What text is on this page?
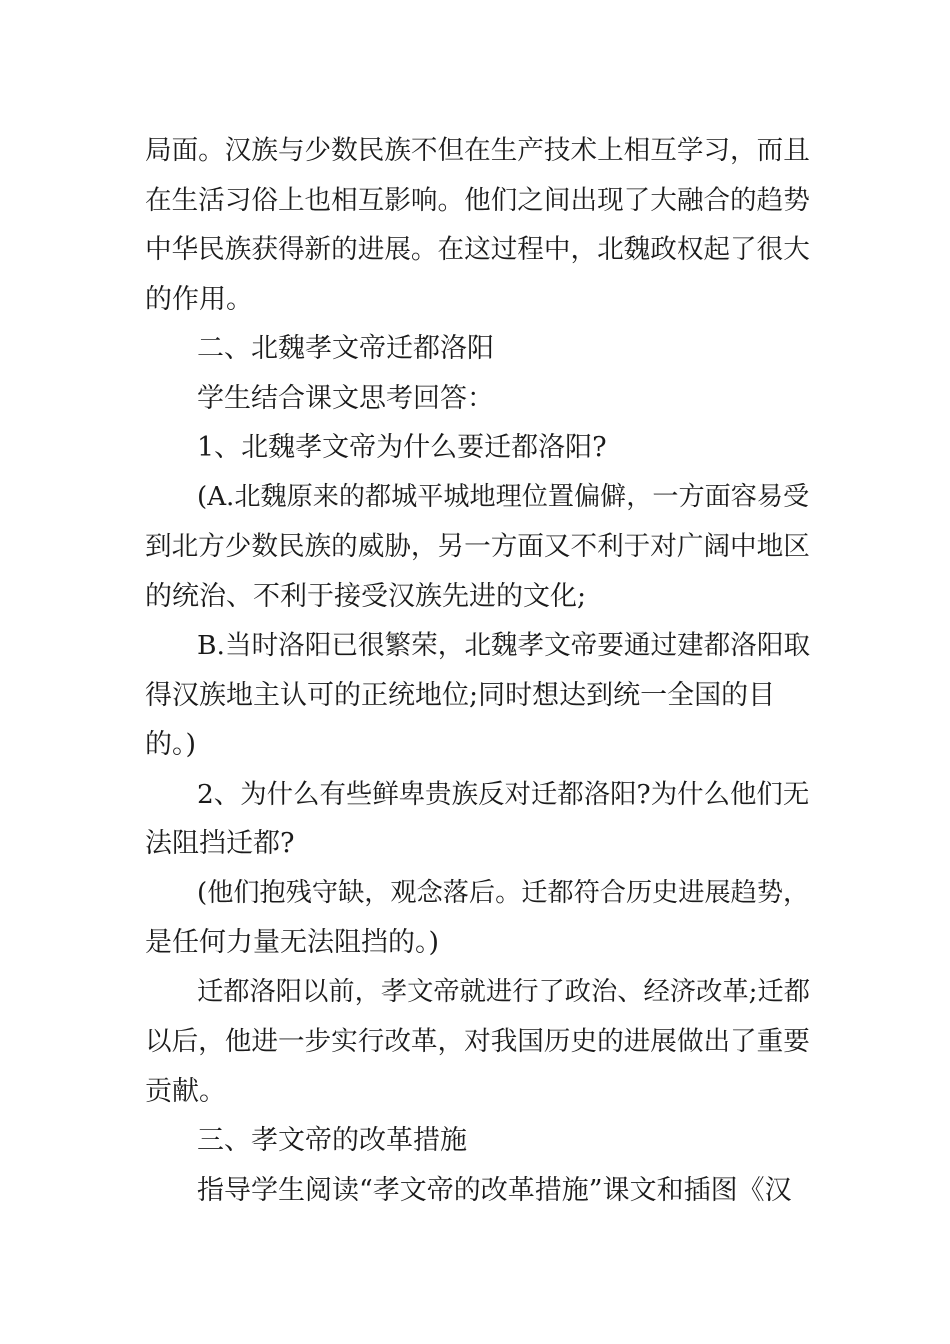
局面。汉族与少数民族不但在生产技术上相互学习，而且
在生活习俗上也相互影响。他们之间出现了大融合的趋势
中华民族获得新的进展。在这过程中，北魏政权起了很大
的作用。
二、北魏孝文帝迁都洛阳
学生结合课文思考回答：
1、北魏孝文帝为什么要迁都洛阳?
(A.北魏原来的都城平城地理位置偏僻，一方面容易受
到北方少数民族的威胁，另一方面又不利于对广阔中地区
的统治、不利于接受汉族先进的文化;
B.当时洛阳已很繁荣，北魏孝文帝要通过建都洛阳取
得汉族地主认可的正统地位;同时想达到统一全国的目
的。)
2、为什么有些鲜卑贵族反对迁都洛阳?为什么他们无
法阻挡迁都?
(他们抱残守缺，观念落后。迁都符合历史进展趋势，
是任何力量无法阻挡的。)
迁都洛阳以前，孝文帝就进行了政治、经济改革;迁都
以后，他进一步实行改革，对我国历史的进展做出了重要
贡献。
三、孝文帝的改革措施
指导学生阅读“孝文帝的改革措施”课文和插图《汉
